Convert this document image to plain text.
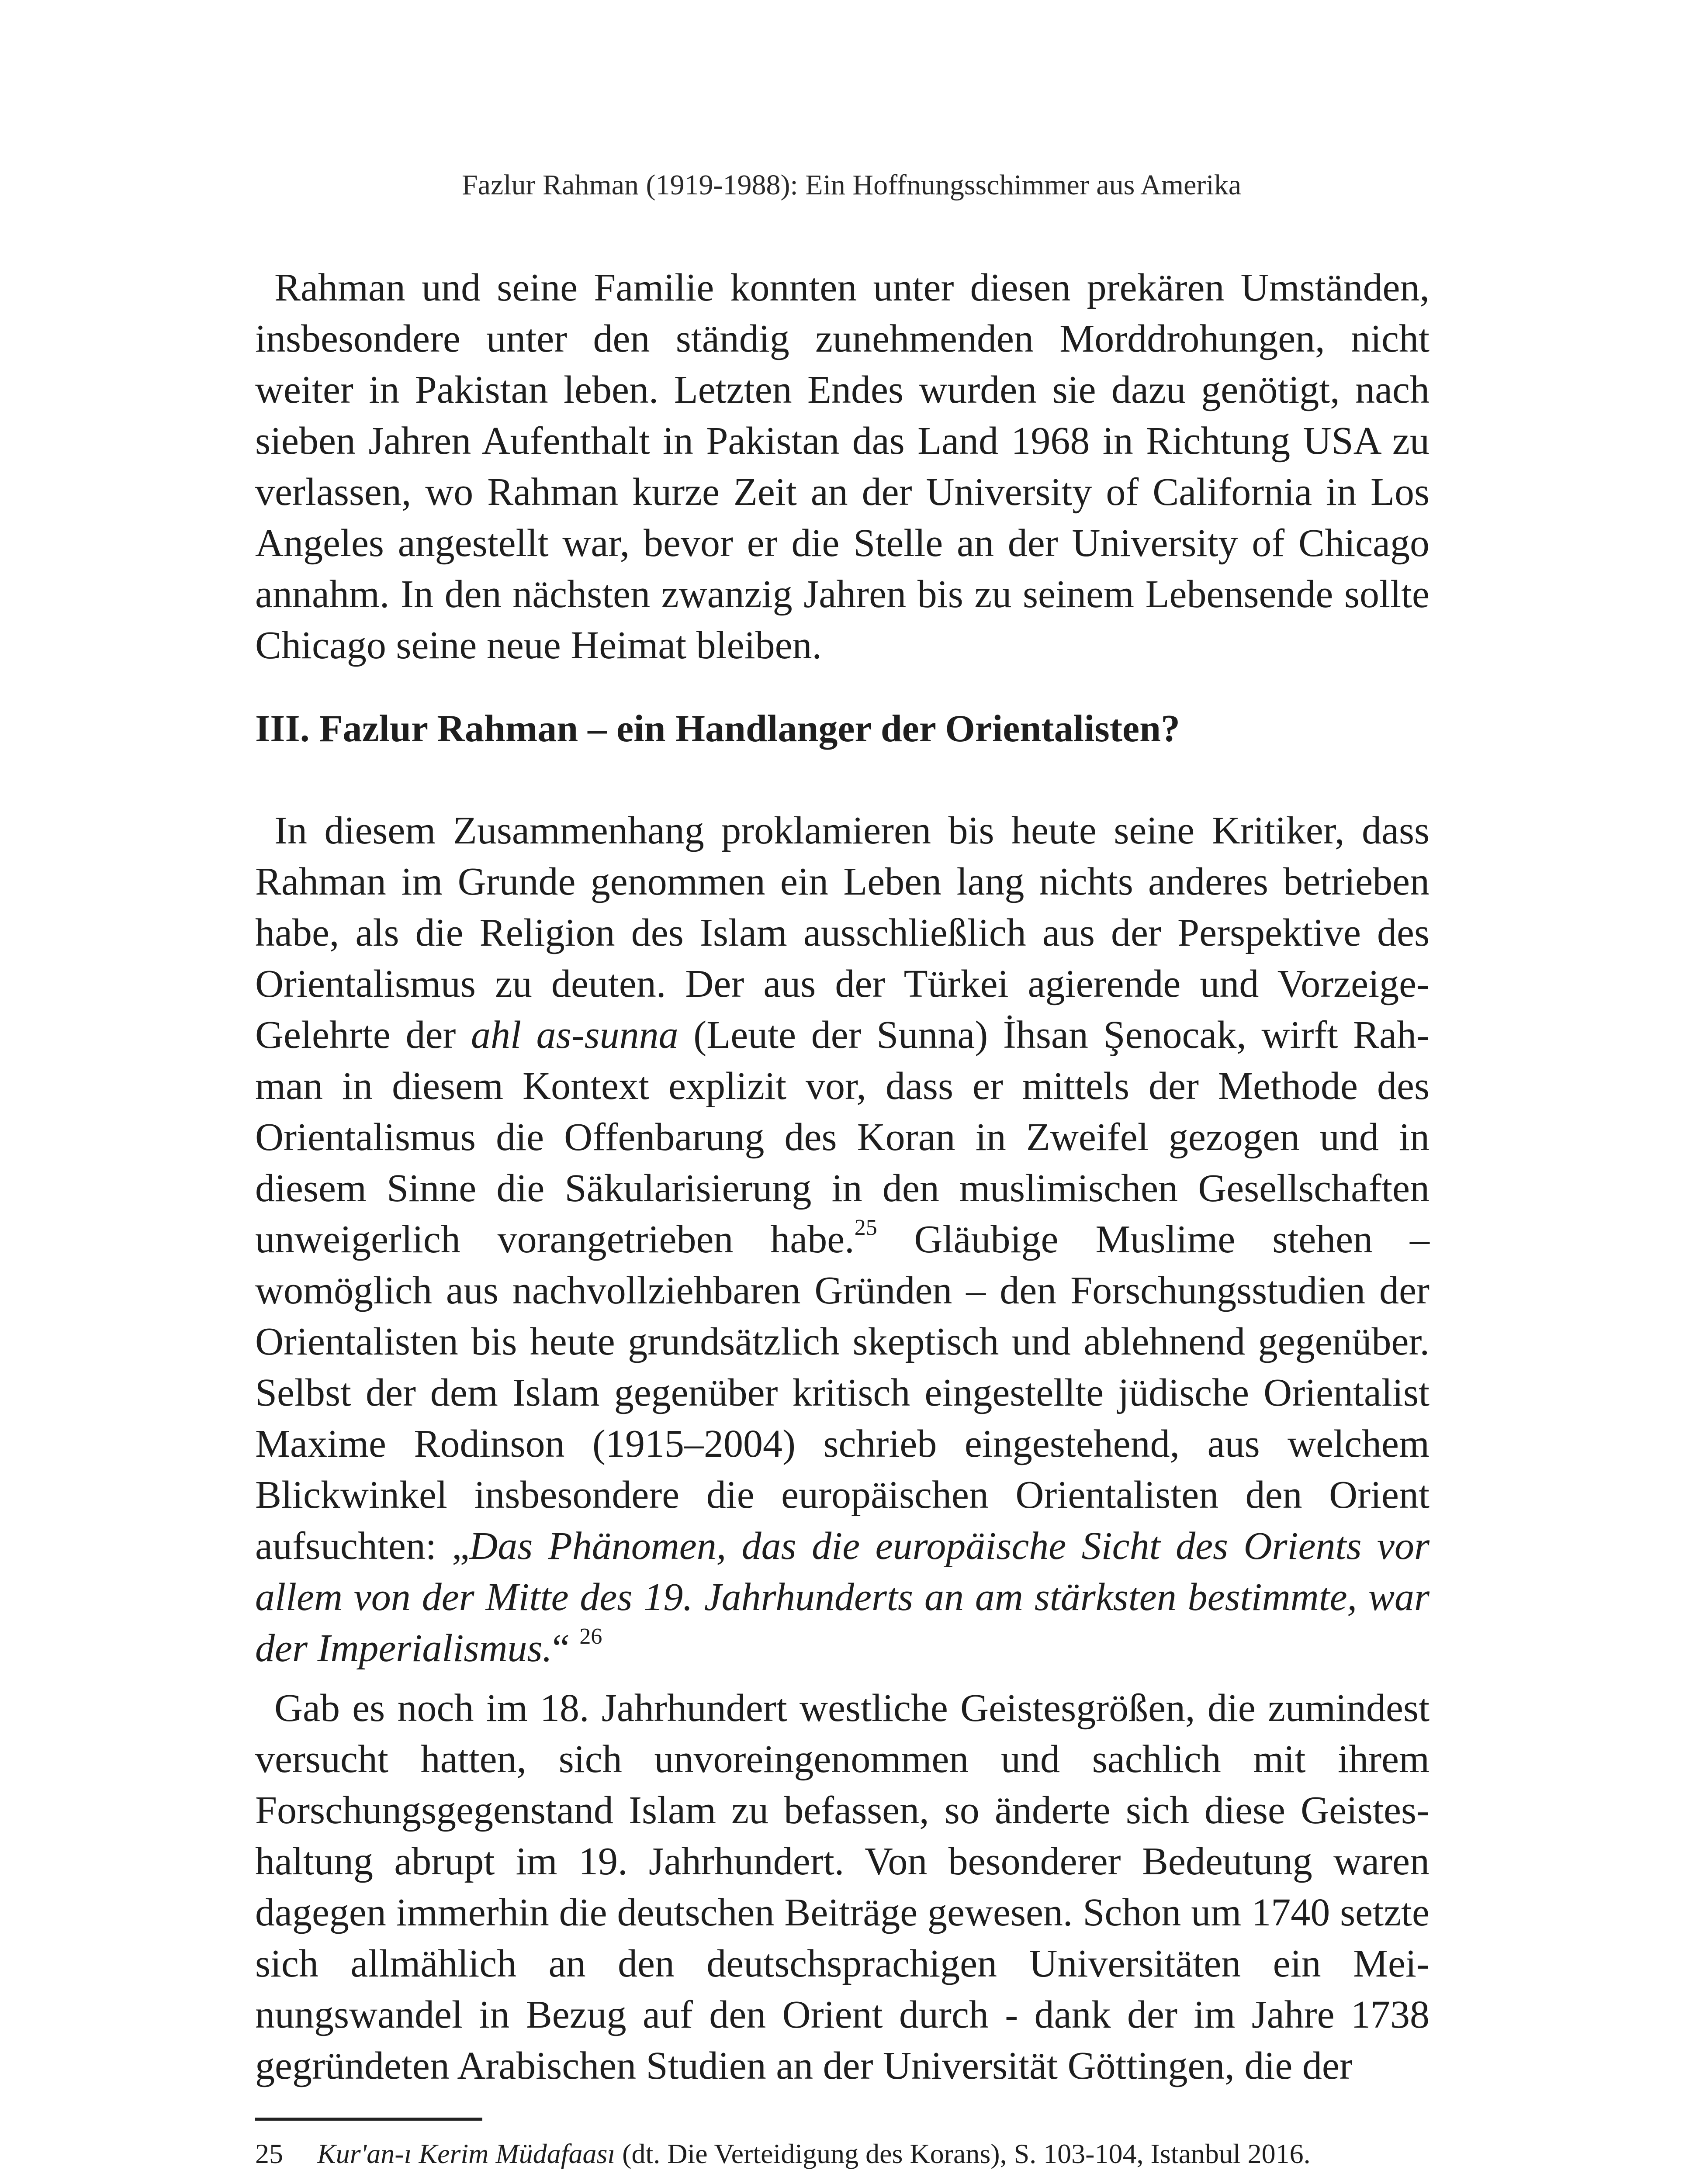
Fazlur Rahman (1919-1988): Ein Hoffnungsschimmer aus Amerika

Rahman und seine Familie konnten unter diesen prekären Umständen, insbesondere unter den ständig zunehmenden Morddrohungen, nicht weiter in Pakistan leben. Letzten Endes wurden sie dazu genötigt, nach sieben Jahren Aufenthalt in Pakistan das Land 1968 in Richtung USA zu verlassen, wo Rahman kurze Zeit an der University of California in Los Angeles angestellt war, bevor er die Stelle an der University of Chicago annahm. In den nächsten zwanzig Jahren bis zu seinem Lebensende sollte Chicago seine neue Heimat bleiben.

III. Fazlur Rahman – ein Handlanger der Orientalisten?

In diesem Zusammenhang proklamieren bis heute seine Kritiker, dass Rahman im Grunde genommen ein Leben lang nichts anderes betrieben habe, als die Religion des Islam ausschließlich aus der Perspektive des Orientalismus zu deuten. Der aus der Türkei agierende und Vorzeige-Gelehrte der ahl as-sunna (Leute der Sunna) İhsan Şenocak, wirft Rahman in diesem Kontext explizit vor, dass er mittels der Methode des Orientalismus die Offenbarung des Koran in Zweifel gezogen und in diesem Sinne die Säkularisierung in den muslimischen Gesellschaften unweigerlich vorangetrieben habe.$^{25}$ Gläubige Muslime stehen – womöglich aus nachvollziehbaren Gründen – den Forschungsstudien der Orientalisten bis heute grundsätzlich skeptisch und ablehnend gegenüber. Selbst der dem Islam gegenüber kritisch eingestellte jüdische Orientalist Maxime Rodinson (1915–2004) schrieb eingestehend, aus welchem Blickwinkel insbesondere die europäischen Orientalisten den Orient aufsuchten: „Das Phänomen, das die europäische Sicht des Orients vor allem von der Mitte des 19. Jahrhunderts an am stärksten bestimmte, war der Imperialismus.“ $^{26}$

Gab es noch im 18. Jahrhundert westliche Geistesgrößen, die zumindest versucht hatten, sich unvoreingenommen und sachlich mit ihrem Forschungsgegenstand Islam zu befassen, so änderte sich diese Geisteshaltung abrupt im 19. Jahrhundert. Von besonderer Bedeutung waren dagegen immerhin die deutschen Beiträge gewesen. Schon um 1740 setzte sich allmählich an den deutschsprachigen Universitäten ein Meinungswandel in Bezug auf den Orient durch - dank der im Jahre 1738 gegründeten Arabischen Studien an der Universität Göttingen, die der

25	Kur'an-ı Kerim Müdafaası (dt. Die Verteidigung des Korans), S. 103-104, Istanbul 2016.
